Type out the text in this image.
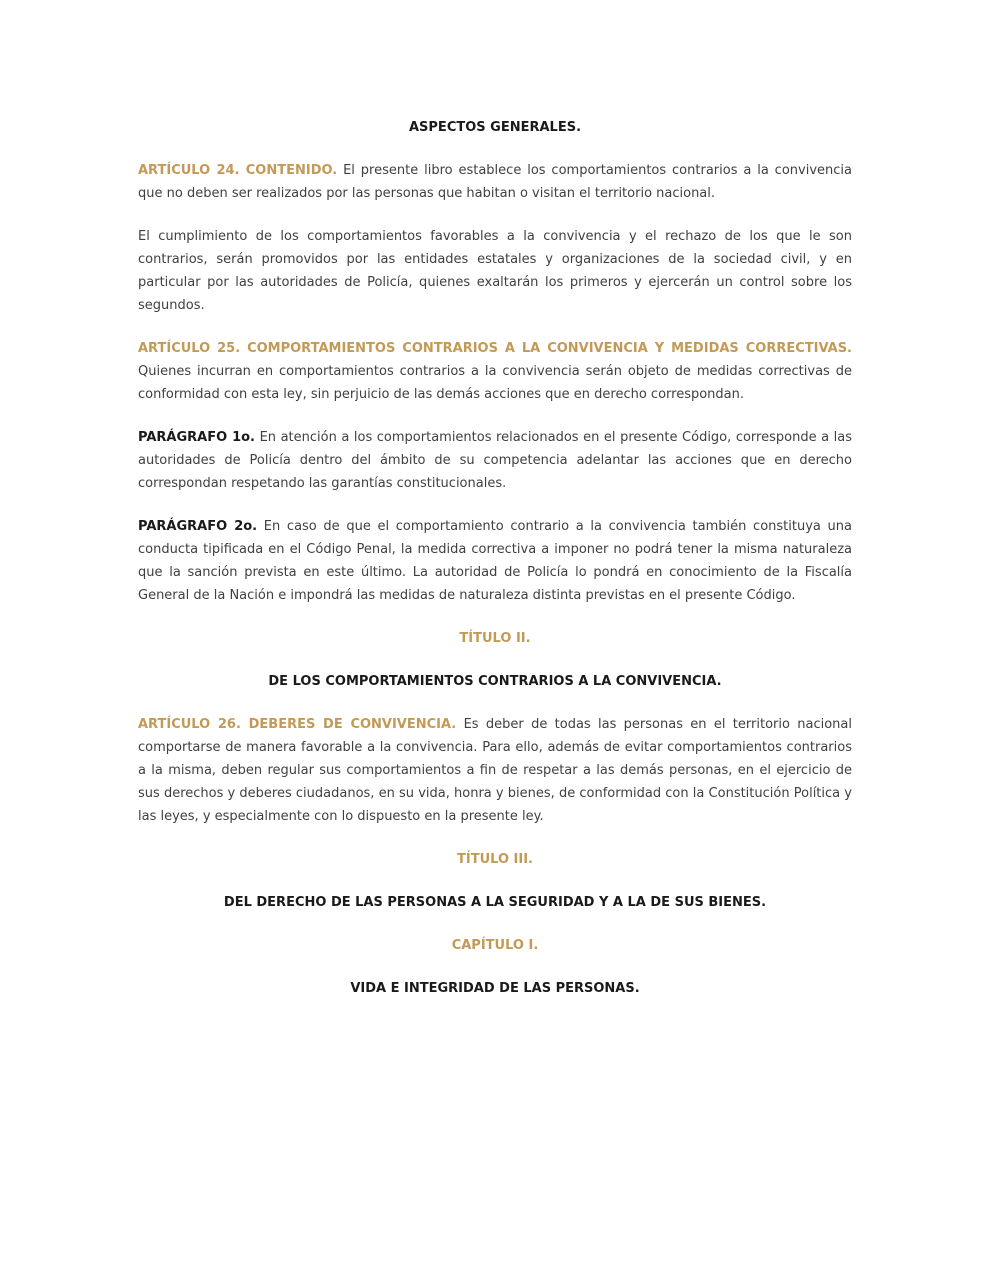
ASPECTOS GENERALES.

ARTÍCULO 24. CONTENIDO. El presente libro establece los comportamientos contrarios a la convivencia que no deben ser realizados por las personas que habitan o visitan el territorio nacional.

El cumplimiento de los comportamientos favorables a la convivencia y el rechazo de los que le son contrarios, serán promovidos por las entidades estatales y organizaciones de la sociedad civil, y en particular por las autoridades de Policía, quienes exaltarán los primeros y ejercerán un control sobre los segundos.

ARTÍCULO 25. COMPORTAMIENTOS CONTRARIOS A LA CONVIVENCIA Y MEDIDAS CORRECTIVAS. Quienes incurran en comportamientos contrarios a la convivencia serán objeto de medidas correctivas de conformidad con esta ley, sin perjuicio de las demás acciones que en derecho correspondan.

PARÁGRAFO 1o. En atención a los comportamientos relacionados en el presente Código, corresponde a las autoridades de Policía dentro del ámbito de su competencia adelantar las acciones que en derecho correspondan respetando las garantías constitucionales.

PARÁGRAFO 2o. En caso de que el comportamiento contrario a la convivencia también constituya una conducta tipificada en el Código Penal, la medida correctiva a imponer no podrá tener la misma naturaleza que la sanción prevista en este último. La autoridad de Policía lo pondrá en conocimiento de la Fiscalía General de la Nación e impondrá las medidas de naturaleza distinta previstas en el presente Código.

TÍTULO II.

DE LOS COMPORTAMIENTOS CONTRARIOS A LA CONVIVENCIA.

ARTÍCULO 26. DEBERES DE CONVIVENCIA. Es deber de todas las personas en el territorio nacional comportarse de manera favorable a la convivencia. Para ello, además de evitar comportamientos contrarios a la misma, deben regular sus comportamientos a fin de respetar a las demás personas, en el ejercicio de sus derechos y deberes ciudadanos, en su vida, honra y bienes, de conformidad con la Constitución Política y las leyes, y especialmente con lo dispuesto en la presente ley.

TÍTULO III.

DEL DERECHO DE LAS PERSONAS A LA SEGURIDAD Y A LA DE SUS BIENES.

CAPÍTULO I.

VIDA E INTEGRIDAD DE LAS PERSONAS.
